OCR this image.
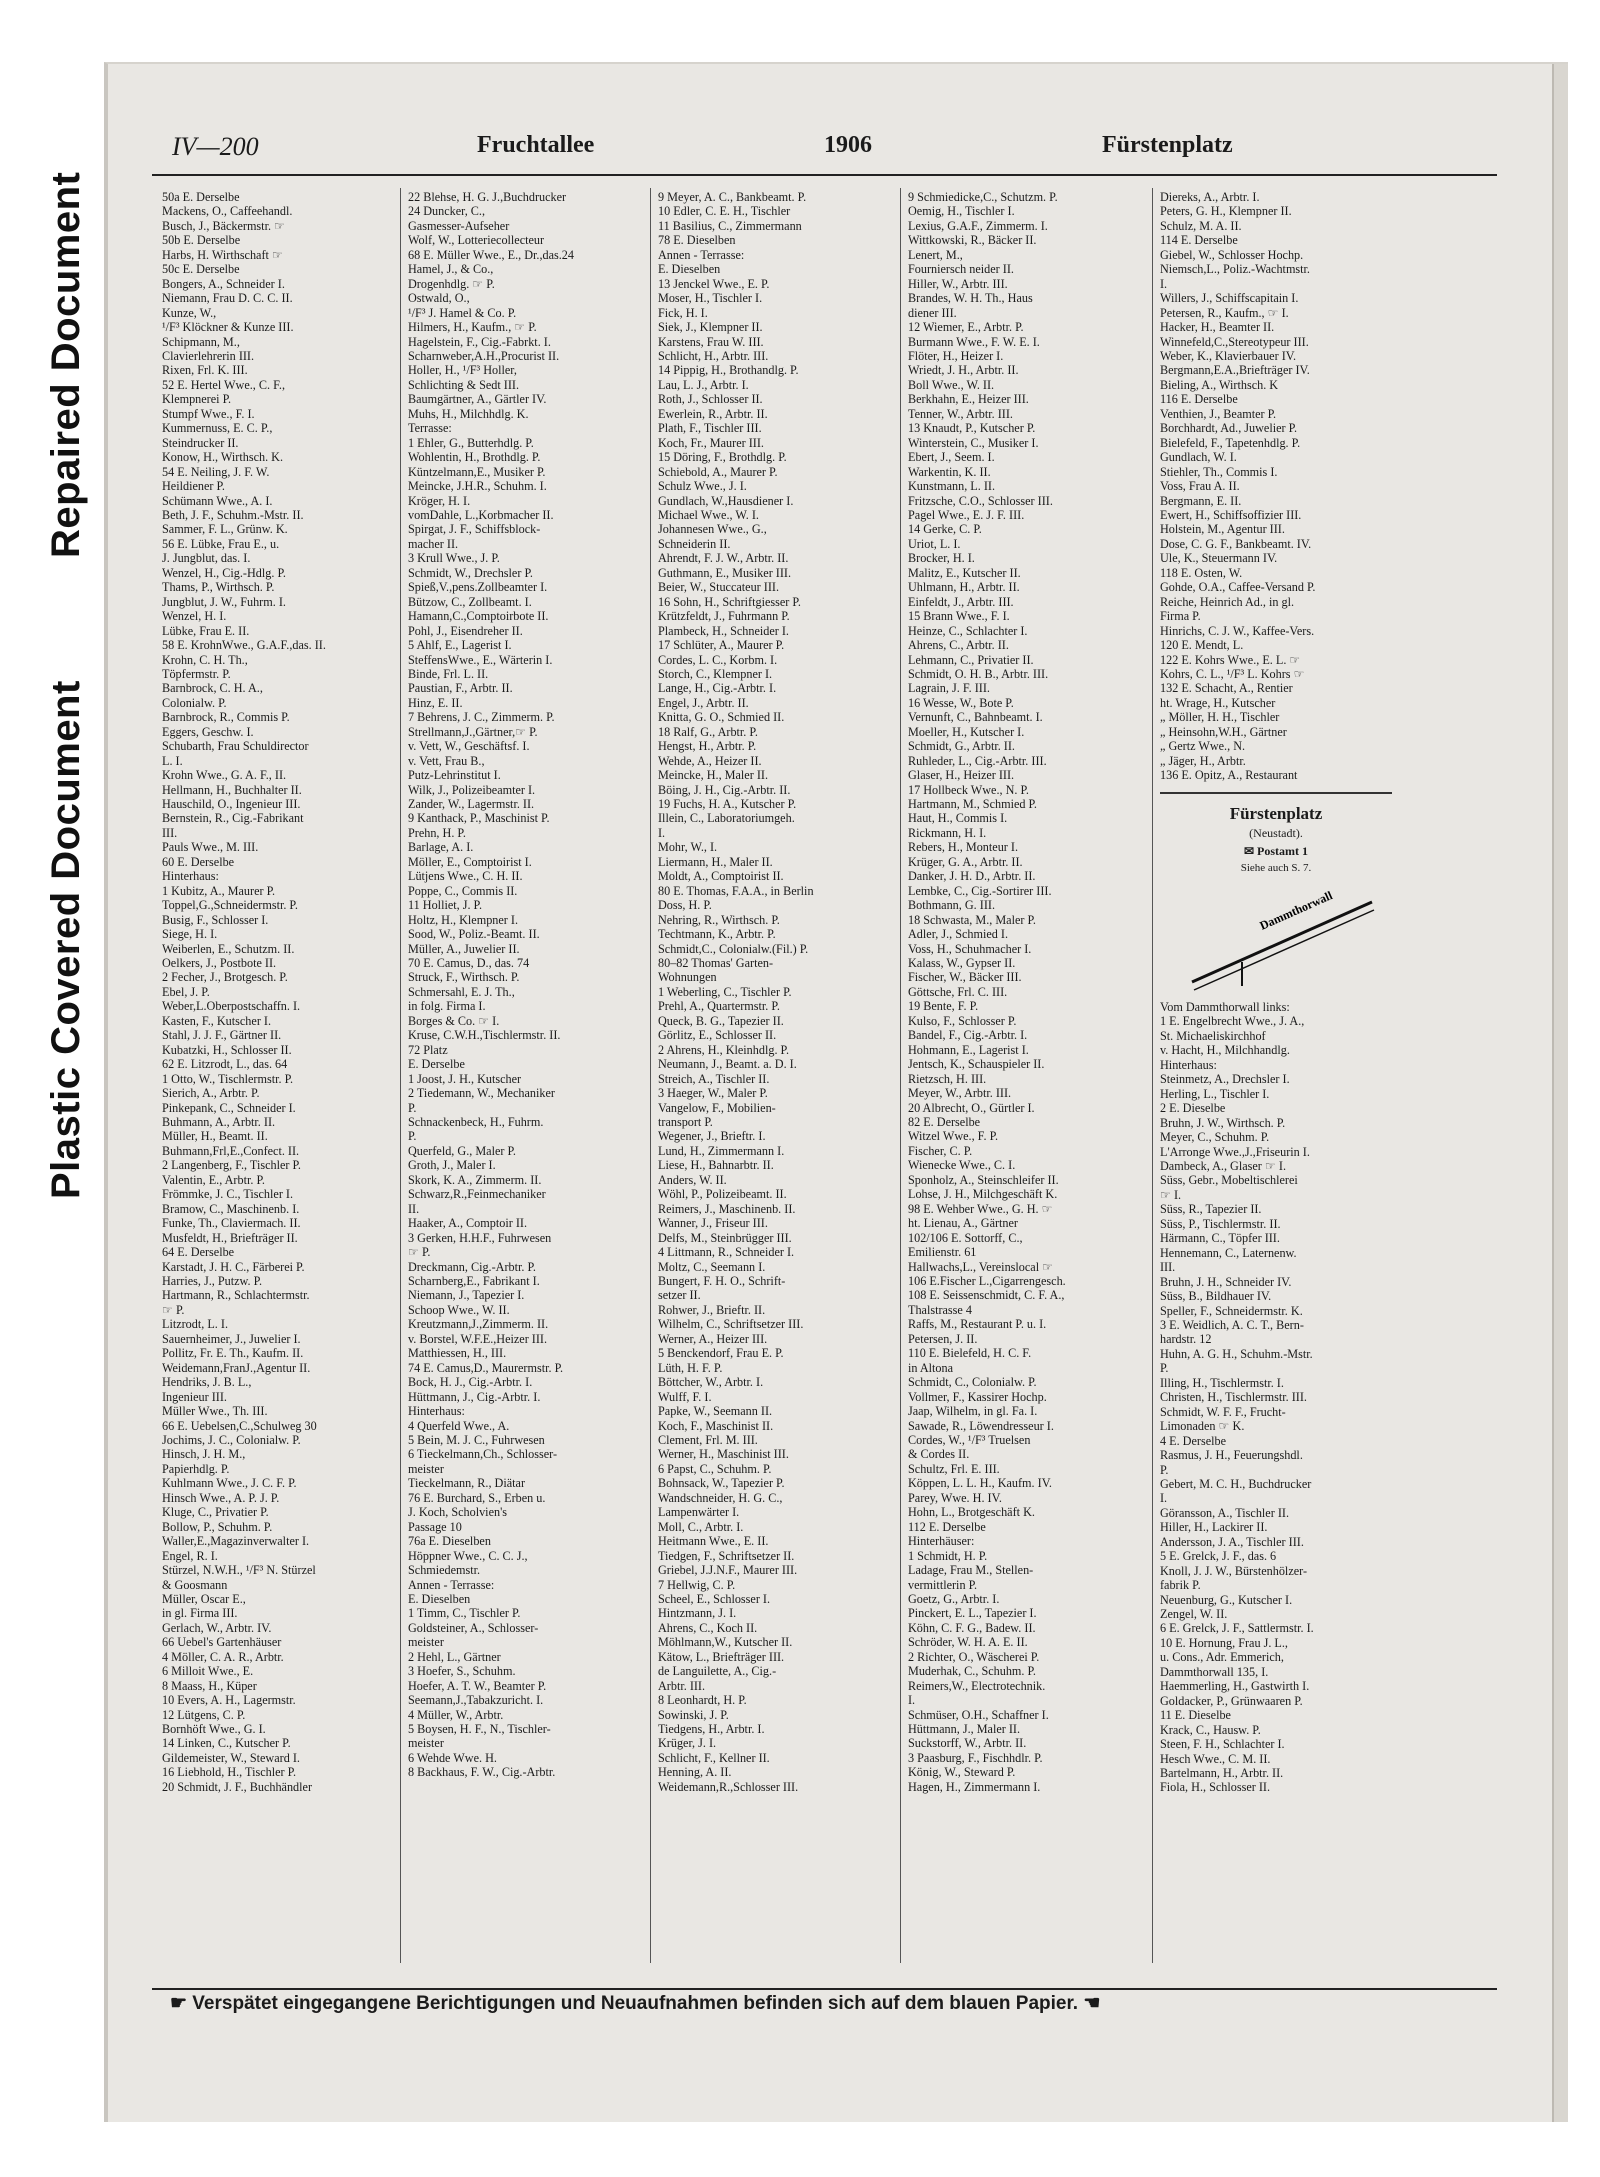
Repaired Document
Plastic Covered Document
IV—200	Fruchtallee	1906	Fürstenplatz
50a E. Derselbe
Mackens, O., Caffeehandl.
Busch, J., Bäckermstr. ☞
50b E. Derselbe
Harbs, H. Wirthschaft ☞
50c E. Derselbe
Bongers, A., Schneider I.
Niemann, Frau D. C. C. II.
Kunze, W.,
¹/F³ Klöckner & Kunze III.
Schipmann, M.,
Clavierlehrerin III.
Rixen, Frl. K. III.
52 E. Hertel Wwe., C. F.,
Klempnerei P.
Stumpf Wwe., F. I.
Kummernuss, E. C. P.,
Steindrucker II.
Konow, H., Wirthsch. K.
54 E. Neiling, J. F. W.
Heildiener P.
Schümann Wwe., A. I.
Beth, J. F., Schuhm.-Mstr. II.
Sammer, F. L., Grünw. K.
56 E. Lübke, Frau E., u.
J. Jungblut, das. I.
Wenzel, H., Cig.-Hdlg. P.
Thams, P., Wirthsch. P.
Jungblut, J. W., Fuhrm. I.
Wenzel, H. I.
Lübke, Frau E. II.
58 E. KrohnWwe., G.A.F.,das. II.
Krohn, C. H. Th.,
Töpfermstr. P.
Barnbrock, C. H. A.,
Colonialw. P.
Barnbrock, R., Commis P.
Eggers, Geschw. I.
Schubarth, Frau Schuldirector
L. I.
Krohn Wwe., G. A. F., II.
Hellmann, H., Buchhalter II.
Hauschild, O., Ingenieur III.
Bernstein, R., Cig.-Fabrikant
III.
Pauls Wwe., M. III.
60 E. Derselbe
Hinterhaus:
1 Kubitz, A., Maurer P.
Toppel,G.,Schneidermstr. P.
Busig, F., Schlosser I.
Siege, H. I.
Weiberlen, E., Schutzm. II.
Oelkers, J., Postbote II.
2 Fecher, J., Brotgesch. P.
Ebel, J. P.
Weber,L.Oberpostschaffn. I.
Kasten, F., Kutscher I.
Stahl, J. J. F., Gärtner II.
Kubatzki, H., Schlosser II.
62 E. Litzrodt, L., das. 64
1 Otto, W., Tischlermstr. P.
Sierich, A., Arbtr. P.
Pinkepank, C., Schneider I.
Buhmann, A., Arbtr. II.
Müller, H., Beamt. II.
Buhmann,Frl,E.,Confect. II.
2 Langenberg, F., Tischler P.
Valentin, E., Arbtr. P.
Frömmke, J. C., Tischler I.
Bramow, C., Maschinenb. I.
Funke, Th., Claviermach. II.
Musfeldt, H., Briefträger II.
64 E. Derselbe
Karstadt, J. H. C., Färberei P.
Harries, J., Putzw. P.
Hartmann, R., Schlachtermstr.
☞ P.
Litzrodt, L. I.
Sauernheimer, J., Juwelier I.
Pollitz, Fr. E. Th., Kaufm. II.
Weidemann,FranJ.,Agentur II.
Hendriks, J. B. L.,
Ingenieur III.
Müller Wwe., Th. III.
66 E. Uebelsen,C.,Schulweg 30
Jochims, J. C., Colonialw. P.
Hinsch, J. H. M.,
Papierhdlg. P.
Kuhlmann Wwe., J. C. F. P.
Hinsch Wwe., A. P. J. P.
Kluge, C., Privatier P.
Bollow, P., Schuhm. P.
Waller,E.,Magazinverwalter I.
Engel, R. I.
Stürzel, N.W.H., ¹/F³ N. Stürzel
& Goosmann
Müller, Oscar E.,
in gl. Firma III.
Gerlach, W., Arbtr. IV.
66 Uebel's Gartenhäuser
4 Möller, C. A. R., Arbtr.
6 Milloit Wwe., E.
8 Maass, H., Küper
10 Evers, A. H., Lagermstr.
12 Lütgens, C. P.
Bornhöft Wwe., G. I.
14 Linken, C., Kutscher P.
Gildemeister, W., Steward I.
16 Liebhold, H., Tischler P.
20 Schmidt, J. F., Buchhändler
22 Blehse, H. G. J.,Buchdrucker
24 Duncker, C.,
Gasmesser-Aufseher
Wolf, W., Lotteriecollecteur
68 E. Müller Wwe., E., Dr.,das.24
Hamel, J., & Co.,
Drogenhdlg. ☞ P.
Ostwald, O.,
¹/F³ J. Hamel & Co. P.
Hilmers, H., Kaufm., ☞ P.
Hagelstein, F., Cig.-Fabrkt. I.
Scharnweber,A.H.,Procurist II.
Holler, H., ¹/F³ Holler,
Schlichting & Sedt III.
Baumgärtner, A., Gärtler IV.
Muhs, H., Milchhdlg. K.
Terrasse:
1 Ehler, G., Butterhdlg. P.
Wohlentin, H., Brothdlg. P.
Küntzelmann,E., Musiker P.
Meincke, J.H.R., Schuhm. I.
Kröger, H. I.
vomDahle, L.,Korbmacher II.
Spirgat, J. F., Schiffsblock-
macher II.
3 Krull Wwe., J. P.
Schmidt, W., Drechsler P.
Spieß,V.,pens.Zollbeamter I.
Bützow, C., Zollbeamt. I.
Hamann,C.,Comptoirbote II.
Pohl, J., Eisendreher II.
5 Ahlf, E., Lagerist I.
SteffensWwe., E., Wärterin I.
Binde, Frl. L. II.
Paustian, F., Arbtr. II.
Hinz, E. II.
7 Behrens, J. C., Zimmerm. P.
Strellmann,J.,Gärtner,☞ P.
v. Vett, W., Geschäftsf. I.
v. Vett, Frau B.,
Putz-Lehrinstitut I.
Wilk, J., Polizeibeamter I.
Zander, W., Lagermstr. II.
9 Kanthack, P., Maschinist P.
Prehn, H. P.
Barlage, A. I.
Möller, E., Comptoirist I.
Lütjens Wwe., C. H. II.
Poppe, C., Commis II.
11 Holliet, J. P.
Holtz, H., Klempner I.
Sood, W., Poliz.-Beamt. II.
Müller, A., Juwelier II.
70 E. Camus, D., das. 74
Struck, F., Wirthsch. P.
Schmersahl, E. J. Th.,
in folg. Firma I.
Borges & Co. ☞ I.
Kruse, C.W.H.,Tischlermstr. II.
72 Platz
E. Derselbe
1 Joost, J. H., Kutscher
2 Tiedemann, W., Mechaniker
P.
Schnackenbeck, H., Fuhrm.
P.
Querfeld, G., Maler P.
Groth, J., Maler I.
Skork, K. A., Zimmerm. II.
Schwarz,R.,Feinmechaniker
II.
Haaker, A., Comptoir II.
3 Gerken, H.H.F., Fuhrwesen
☞ P.
Dreckmann, Cig.-Arbtr. P.
Scharnberg,E., Fabrikant I.
Niemann, J., Tapezier I.
Schoop Wwe., W. II.
Kreutzmann,J.,Zimmerm. II.
v. Borstel, W.F.E.,Heizer III.
Matthiessen, H., III.
74 E. Camus,D., Maurermstr. P.
Bock, H. J., Cig.-Arbtr. I.
Hüttmann, J., Cig.-Arbtr. I.
Hinterhaus:
4 Querfeld Wwe., A.
5 Bein, M. J. C., Fuhrwesen
6 Tieckelmann,Ch., Schlosser-
meister
Tieckelmann, R., Diätar
76 E. Burchard, S., Erben u.
J. Koch, Scholvien's
Passage 10
76a E. Dieselben
Höppner Wwe., C. C. J.,
Schmiedemstr.
Annen - Terrasse:
E. Dieselben
1 Timm, C., Tischler P.
Goldsteiner, A., Schlosser-
meister
2 Hehl, L., Gärtner
3 Hoefer, S., Schuhm.
Hoefer, A. T. W., Beamter P.
Seemann,J.,Tabakzuricht. I.
4 Müller, W., Arbtr.
5 Boysen, H. F., N., Tischler-
meister
6 Wehde Wwe. H.
8 Backhaus, F. W., Cig.-Arbtr.
9 Meyer, A. C., Bankbeamt. P.
10 Edler, C. E. H., Tischler
11 Basilius, C., Zimmermann
78 E. Dieselben
Annen - Terrasse:
E. Dieselben
13 Jenckel Wwe., E. P.
Moser, H., Tischler I.
Fick, H. I.
Siek, J., Klempner II.
Karstens, Frau W. III.
Schlicht, H., Arbtr. III.
14 Pippig, H., Brothandlg. P.
Lau, L. J., Arbtr. I.
Roth, J., Schlosser II.
Ewerlein, R., Arbtr. II.
Plath, F., Tischler III.
Koch, Fr., Maurer III.
15 Döring, F., Brothdlg. P.
Schiebold, A., Maurer P.
Schulz Wwe., J. I.
Gundlach, W.,Hausdiener I.
Michael Wwe., W. I.
Johannesen Wwe., G.,
Schneiderin II.
Ahrendt, F. J. W., Arbtr. II.
Guthmann, E., Musiker III.
Beier, W., Stuccateur III.
16 Sohn, H., Schriftgiesser P.
Krützfeldt, J., Fuhrmann P.
Plambeck, H., Schneider I.
17 Schlüter, A., Maurer P.
Cordes, L. C., Korbm. I.
Storch, C., Klempner I.
Lange, H., Cig.-Arbtr. I.
Engel, J., Arbtr. II.
Knitta, G. O., Schmied II.
18 Ralf, G., Arbtr. P.
Hengst, H., Arbtr. P.
Wehde, A., Heizer II.
Meincke, H., Maler II.
Böing, J. H., Cig.-Arbtr. II.
19 Fuchs, H. A., Kutscher P.
Illein, C., Laboratoriumgeh.
I.
Mohr, W., I.
Liermann, H., Maler II.
Moldt, A., Comptoirist II.
80 E. Thomas, F.A.A., in Berlin
Doss, H. P.
Nehring, R., Wirthsch. P.
Techtmann, K., Arbtr. P.
Schmidt,C., Colonialw.(Fil.) P.
80–82 Thomas' Garten-
Wohnungen
1 Weberling, C., Tischler P.
Prehl, A., Quartermstr. P.
Queck, B. G., Tapezier II.
Görlitz, E., Schlosser II.
2 Ahrens, H., Kleinhdlg. P.
Neumann, J., Beamt. a. D. I.
Streich, A., Tischler II.
3 Haeger, W., Maler P.
Vangelow, F., Mobilien-
transport P.
Wegener, J., Brieftr. I.
Lund, H., Zimmermann I.
Liese, H., Bahnarbtr. II.
Anders, W. II.
Wöhl, P., Polizeibeamt. II.
Reimers, J., Maschinenb. II.
Wanner, J., Friseur III.
Delfs, M., Steinbrügger III.
4 Littmann, R., Schneider I.
Moltz, C., Seemann I.
Bungert, F. H. O., Schrift-
setzer II.
Rohwer, J., Brieftr. II.
Wilhelm, C., Schriftsetzer III.
Werner, A., Heizer III.
5 Benckendorf, Frau E. P.
Lüth, H. F. P.
Böttcher, W., Arbtr. I.
Wulff, F. I.
Papke, W., Seemann II.
Koch, F., Maschinist II.
Clement, Frl. M. III.
Werner, H., Maschinist III.
6 Papst, C., Schuhm. P.
Bohnsack, W., Tapezier P.
Wandschneider, H. G. C.,
Lampenwärter I.
Moll, C., Arbtr. I.
Heitmann Wwe., E. II.
Tiedgen, F., Schriftsetzer II.
Griebel, J.J.N.F., Maurer III.
7 Hellwig, C. P.
Scheel, E., Schlosser I.
Hintzmann, J. I.
Ahrens, C., Koch II.
Möhlmann,W., Kutscher II.
Kätow, L., Briefträger III.
de Languilette, A., Cig.-
Arbtr. III.
8 Leonhardt, H. P.
Sowinski, J. P.
Tiedgens, H., Arbtr. I.
Krüger, J. I.
Schlicht, F., Kellner II.
Henning, A. II.
Weidemann,R.,Schlosser III.
9 Schmiedicke,C., Schutzm. P.
Oemig, H., Tischler I.
Lexius, G.A.F., Zimmerm. I.
Wittkowski, R., Bäcker II.
Lenert, M.,
Fourniersch neider II.
Hiller, W., Arbtr. III.
Brandes, W. H. Th., Haus
diener III.
12 Wiemer, E., Arbtr. P.
Burmann Wwe., F. W. E. I.
Flöter, H., Heizer I.
Wriedt, J. H., Arbtr. II.
Boll Wwe., W. II.
Berkhahn, E., Heizer III.
Tenner, W., Arbtr. III.
13 Knaudt, P., Kutscher P.
Winterstein, C., Musiker I.
Ebert, J., Seem. I.
Warkentin, K. II.
Kunstmann, L. II.
Fritzsche, C.O., Schlosser III.
Pagel Wwe., E. J. F. III.
14 Gerke, C. P.
Uriot, L. I.
Brocker, H. I.
Malitz, E., Kutscher II.
Uhlmann, H., Arbtr. II.
Einfeldt, J., Arbtr. III.
15 Brann Wwe., F. I.
Heinze, C., Schlachter I.
Ahrens, C., Arbtr. II.
Lehmann, C., Privatier II.
Schmidt, O. H. B., Arbtr. III.
Lagrain, J. F. III.
16 Wesse, W., Bote P.
Vernunft, C., Bahnbeamt. I.
Moeller, H., Kutscher I.
Schmidt, G., Arbtr. II.
Ruhleder, L., Cig.-Arbtr. III.
Glaser, H., Heizer III.
17 Hollbeck Wwe., N. P.
Hartmann, M., Schmied P.
Haut, H., Commis I.
Rickmann, H. I.
Rebers, H., Monteur I.
Krüger, G. A., Arbtr. II.
Danker, J. H. D., Arbtr. II.
Lembke, C., Cig.-Sortirer III.
Bothmann, G. III.
18 Schwasta, M., Maler P.
Adler, J., Schmied I.
Voss, H., Schuhmacher I.
Kalass, W., Gypser II.
Fischer, W., Bäcker III.
Göttsche, Frl. C. III.
19 Bente, F. P.
Kulso, F., Schlosser P.
Bandel, F., Cig.-Arbtr. I.
Hohmann, E., Lagerist I.
Jentsch, K., Schauspieler II.
Rietzsch, H. III.
Meyer, W., Arbtr. III.
20 Albrecht, O., Gürtler I.
82 E. Derselbe
Witzel Wwe., F. P.
Fischer, C. P.
Wienecke Wwe., C. I.
Sponholz, A., Steinschleifer II.
Lohse, J. H., Milchgeschäft K.
98 E. Wehber Wwe., G. H. ☞
ht. Lienau, A., Gärtner
102/106 E. Sottorff, C.,
Emilienstr. 61
Hallwachs,L., Vereinslocal ☞
106 E.Fischer L.,Cigarrengesch.
108 E. Seissenschmidt, C. F. A.,
Thalstrasse 4
Raffs, M., Restaurant P. u. I.
Petersen, J. II.
110 E. Bielefeld, H. C. F.
in Altona
Schmidt, C., Colonialw. P.
Vollmer, F., Kassirer Hochp.
Jaap, Wilhelm, in gl. Fa. I.
Sawade, R., Löwendresseur I.
Cordes, W., ¹/F³ Truelsen
& Cordes II.
Schultz, Frl. E. III.
Köppen, L. L. H., Kaufm. IV.
Parey, Wwe. H. IV.
Hohn, L., Brotgeschäft K.
112 E. Derselbe
Hinterhäuser:
1 Schmidt, H. P.
Ladage, Frau M., Stellen-
vermittlerin P.
Goetz, G., Arbtr. I.
Pinckert, E. L., Tapezier I.
Köhn, C. F. G., Badew. II.
Schröder, W. H. A. E. II.
2 Richter, O., Wäscherei P.
Muderhak, C., Schuhm. P.
Reimers,W., Electrotechnik.
I.
Schmüser, O.H., Schaffner I.
Hüttmann, J., Maler II.
Suckstorff, W., Arbtr. II.
3 Paasburg, F., Fischhdlr. P.
König, W., Steward P.
Hagen, H., Zimmermann I.
Diereks, A., Arbtr. I.
Peters, G. H., Klempner II.
Schulz, M. A. II.
114 E. Derselbe
Giebel, W., Schlosser Hochp.
Niemsch,L., Poliz.-Wachtmstr.
I.
Willers, J., Schiffscapitain I.
Petersen, R., Kaufm., ☞ I.
Hacker, H., Beamter II.
Winnefeld,C.,Stereotypeur III.
Weber, K., Klavierbauer IV.
Bergmann,E.A.,Briefträger IV.
Bieling, A., Wirthsch. K
116 E. Derselbe
Venthien, J., Beamter P.
Borchhardt, Ad., Juwelier P.
Bielefeld, F., Tapetenhdlg. P.
Gundlach, W. I.
Stiehler, Th., Commis I.
Voss, Frau A. II.
Bergmann, E. II.
Ewert, H., Schiffsoffizier III.
Holstein, M., Agentur III.
Dose, C. G. F., Bankbeamt. IV.
Ule, K., Steuermann IV.
118 E. Osten, W.
Gohde, O.A., Caffee-Versand P.
Reiche, Heinrich Ad., in gl.
Firma P.
Hinrichs, C. J. W., Kaffee-Vers.
120 E. Mendt, L.
122 E. Kohrs Wwe., E. L. ☞
Kohrs, C. L., ¹/F³ L. Kohrs ☞
132 E. Schacht, A., Rentier
ht. Wrage, H., Kutscher
„ Möller, H. H., Tischler
„ Heinsohn,W.H., Gärtner
„ Gertz Wwe., N.
„ Jäger, H., Arbtr.
136 E. Opitz, A., Restaurant
Fürstenplatz
(Neustadt).
✉ Postamt 1
Siehe auch S. 7.
Dammthorwall
Vom Dammthorwall links:
1 E. Engelbrecht Wwe., J. A.,
St. Michaeliskirchhof
v. Hacht, H., Milchhandlg.
Hinterhaus:
Steinmetz, A., Drechsler I.
Herling, L., Tischler I.
2 E. Dieselbe
Bruhn, J. W., Wirthsch. P.
Meyer, C., Schuhm. P.
L'Arronge Wwe.,J.,Friseurin I.
Dambeck, A., Glaser ☞ I.
Süss, Gebr., Mobeltischlerei
☞ I.
Süss, R., Tapezier II.
Süss, P., Tischlermstr. II.
Härmann, C., Töpfer III.
Hennemann, C., Laternenw.
III.
Bruhn, J. H., Schneider IV.
Süss, B., Bildhauer IV.
Speller, F., Schneidermstr. K.
3 E. Weidlich, A. C. T., Bern-
hardstr. 12
Huhn, A. G. H., Schuhm.-Mstr.
P.
Illing, H., Tischlermstr. I.
Christen, H., Tischlermstr. III.
Schmidt, W. F. F., Frucht-
Limonaden ☞ K.
4 E. Derselbe
Rasmus, J. H., Feuerungshdl.
P.
Gebert, M. C. H., Buchdrucker
I.
Göransson, A., Tischler II.
Hiller, H., Lackirer II.
Andersson, J. A., Tischler III.
5 E. Grelck, J. F., das. 6
Knoll, J. J. W., Bürstenhölzer-
fabrik P.
Neuenburg, G., Kutscher I.
Zengel, W. II.
6 E. Grelck, J. F., Sattlermstr. I.
10 E. Hornung, Frau J. L.,
u. Cons., Adr. Emmerich,
Dammthorwall 135, I.
Haemmerling, H., Gastwirth I.
Goldacker, P., Grünwaaren P.
11 E. Dieselbe
Krack, C., Hausw. P.
Steen, F. H., Schlachter I.
Hesch Wwe., C. M. II.
Bartelmann, H., Arbtr. II.
Fiola, H., Schlosser II.
☛ Verspätet eingegangene Berichtigungen und Neuaufnahmen befinden sich auf dem blauen Papier. ☚
